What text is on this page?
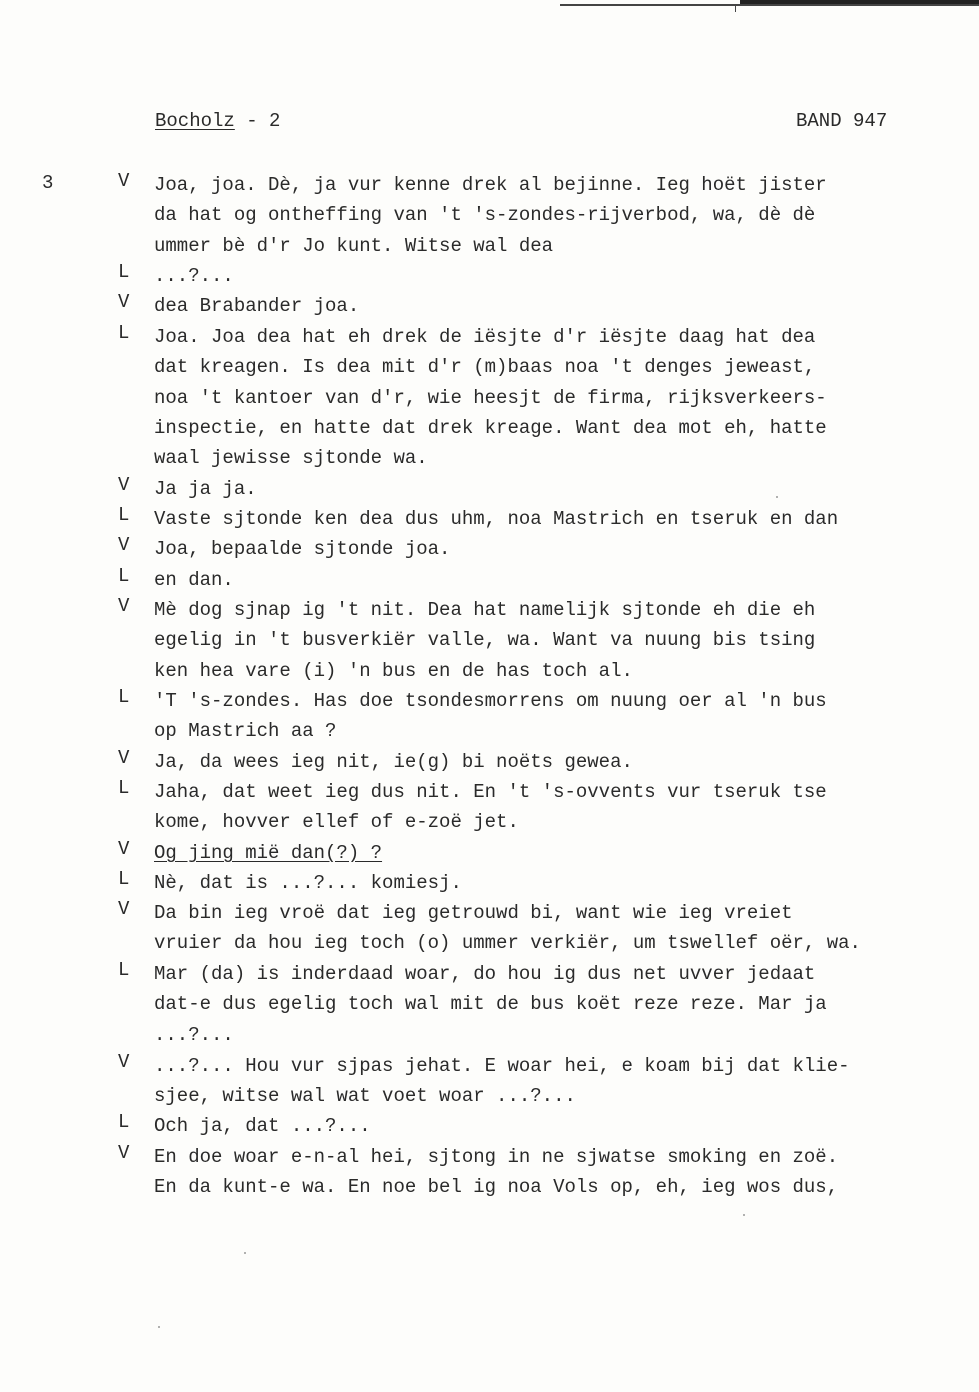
Bocholz - 2	BAND 947
3	V Joa, joa. Dè, ja vur kenne drek al bejinne. Ieg hoët jister
da hat og ontheffing van 't 's-zondes-rijverbod, wa, dè dè
ummer bè d'r Jo kunt. Witse wal dea
L ...?...
V dea Brabander joa.
L Joa. Joa dea hat eh drek de iësjte d'r iësjte daag hat dea
dat kreagen. Is dea mit d'r (m)baas noa 't denges jeweast,
noa 't kantoer van d'r, wie heesjt de firma, rijksverkeers-
inspectie, en hatte dat drek kreage. Want dea mot eh, hatte
waal jewisse sjtonde wa.
V Ja ja ja.
L Vaste sjtonde ken dea dus uhm, noa Mastrich en tseruk en dan
V Joa, bepaalde sjtonde joa.
L en dan.
V Mè dog sjnap ig 't nit. Dea hat namelijk sjtonde eh die eh
egelig in 't busverkiër valle, wa. Want va nuung bis tsing
ken hea vare (i) 'n bus en de has toch al.
L 'T 's-zondes. Has doe tsondesmorrens om nuung oer al 'n bus
op Mastrich aa ?
V Ja, da wees ieg nit, ie(g) bi noëts gewea.
L Jaha, dat weet ieg dus nit. En 't 's-ovvents vur tseruk tse
kome, hovver ellef of e-zoë jet.
V Og jing mië dan(?) ?
L Nè, dat is ...?... komiesj.
V Da bin ieg vroë dat ieg getrouwd bi, want wie ieg vreiet
vruier da hou ieg toch (o) ummer verkiër, um tswellef oër, wa.
L Mar (da) is inderdaad woar, do hou ig dus net uvver jedaat
dat-e dus egelig toch wal mit de bus koët reze reze. Mar ja
...?...
V ...?... Hou vur sjpas jehat. E woar hei, e koam bij dat klie-
sjee, witse wal wat voet woar ...?...
L Och ja, dat ...?...
V En doe woar e-n-al hei, sjtong in ne sjwatse smoking en zoë.
En da kunt-e wa. En noe bel ig noa Vols op, eh, ieg wos dus,
